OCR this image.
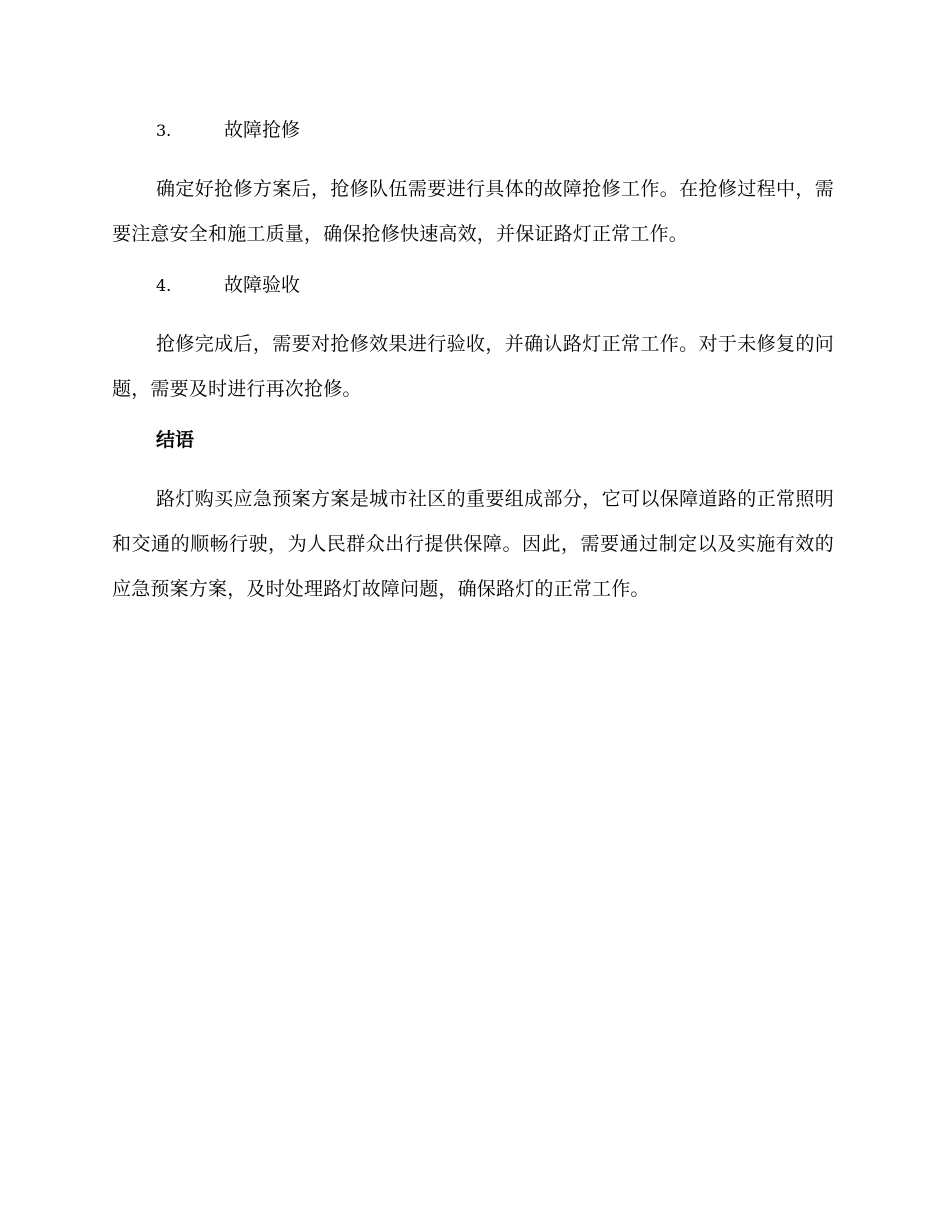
3.	故障抢修

确定好抢修方案后，抢修队伍需要进行具体的故障抢修工作。在抢修过程中，需要注意安全和施工质量，确保抢修快速高效，并保证路灯正常工作。

4.	故障验收

抢修完成后，需要对抢修效果进行验收，并确认路灯正常工作。对于未修复的问题，需要及时进行再次抢修。

结语

路灯购买应急预案方案是城市社区的重要组成部分，它可以保障道路的正常照明和交通的顺畅行驶，为人民群众出行提供保障。因此，需要通过制定以及实施有效的应急预案方案，及时处理路灯故障问题，确保路灯的正常工作。
